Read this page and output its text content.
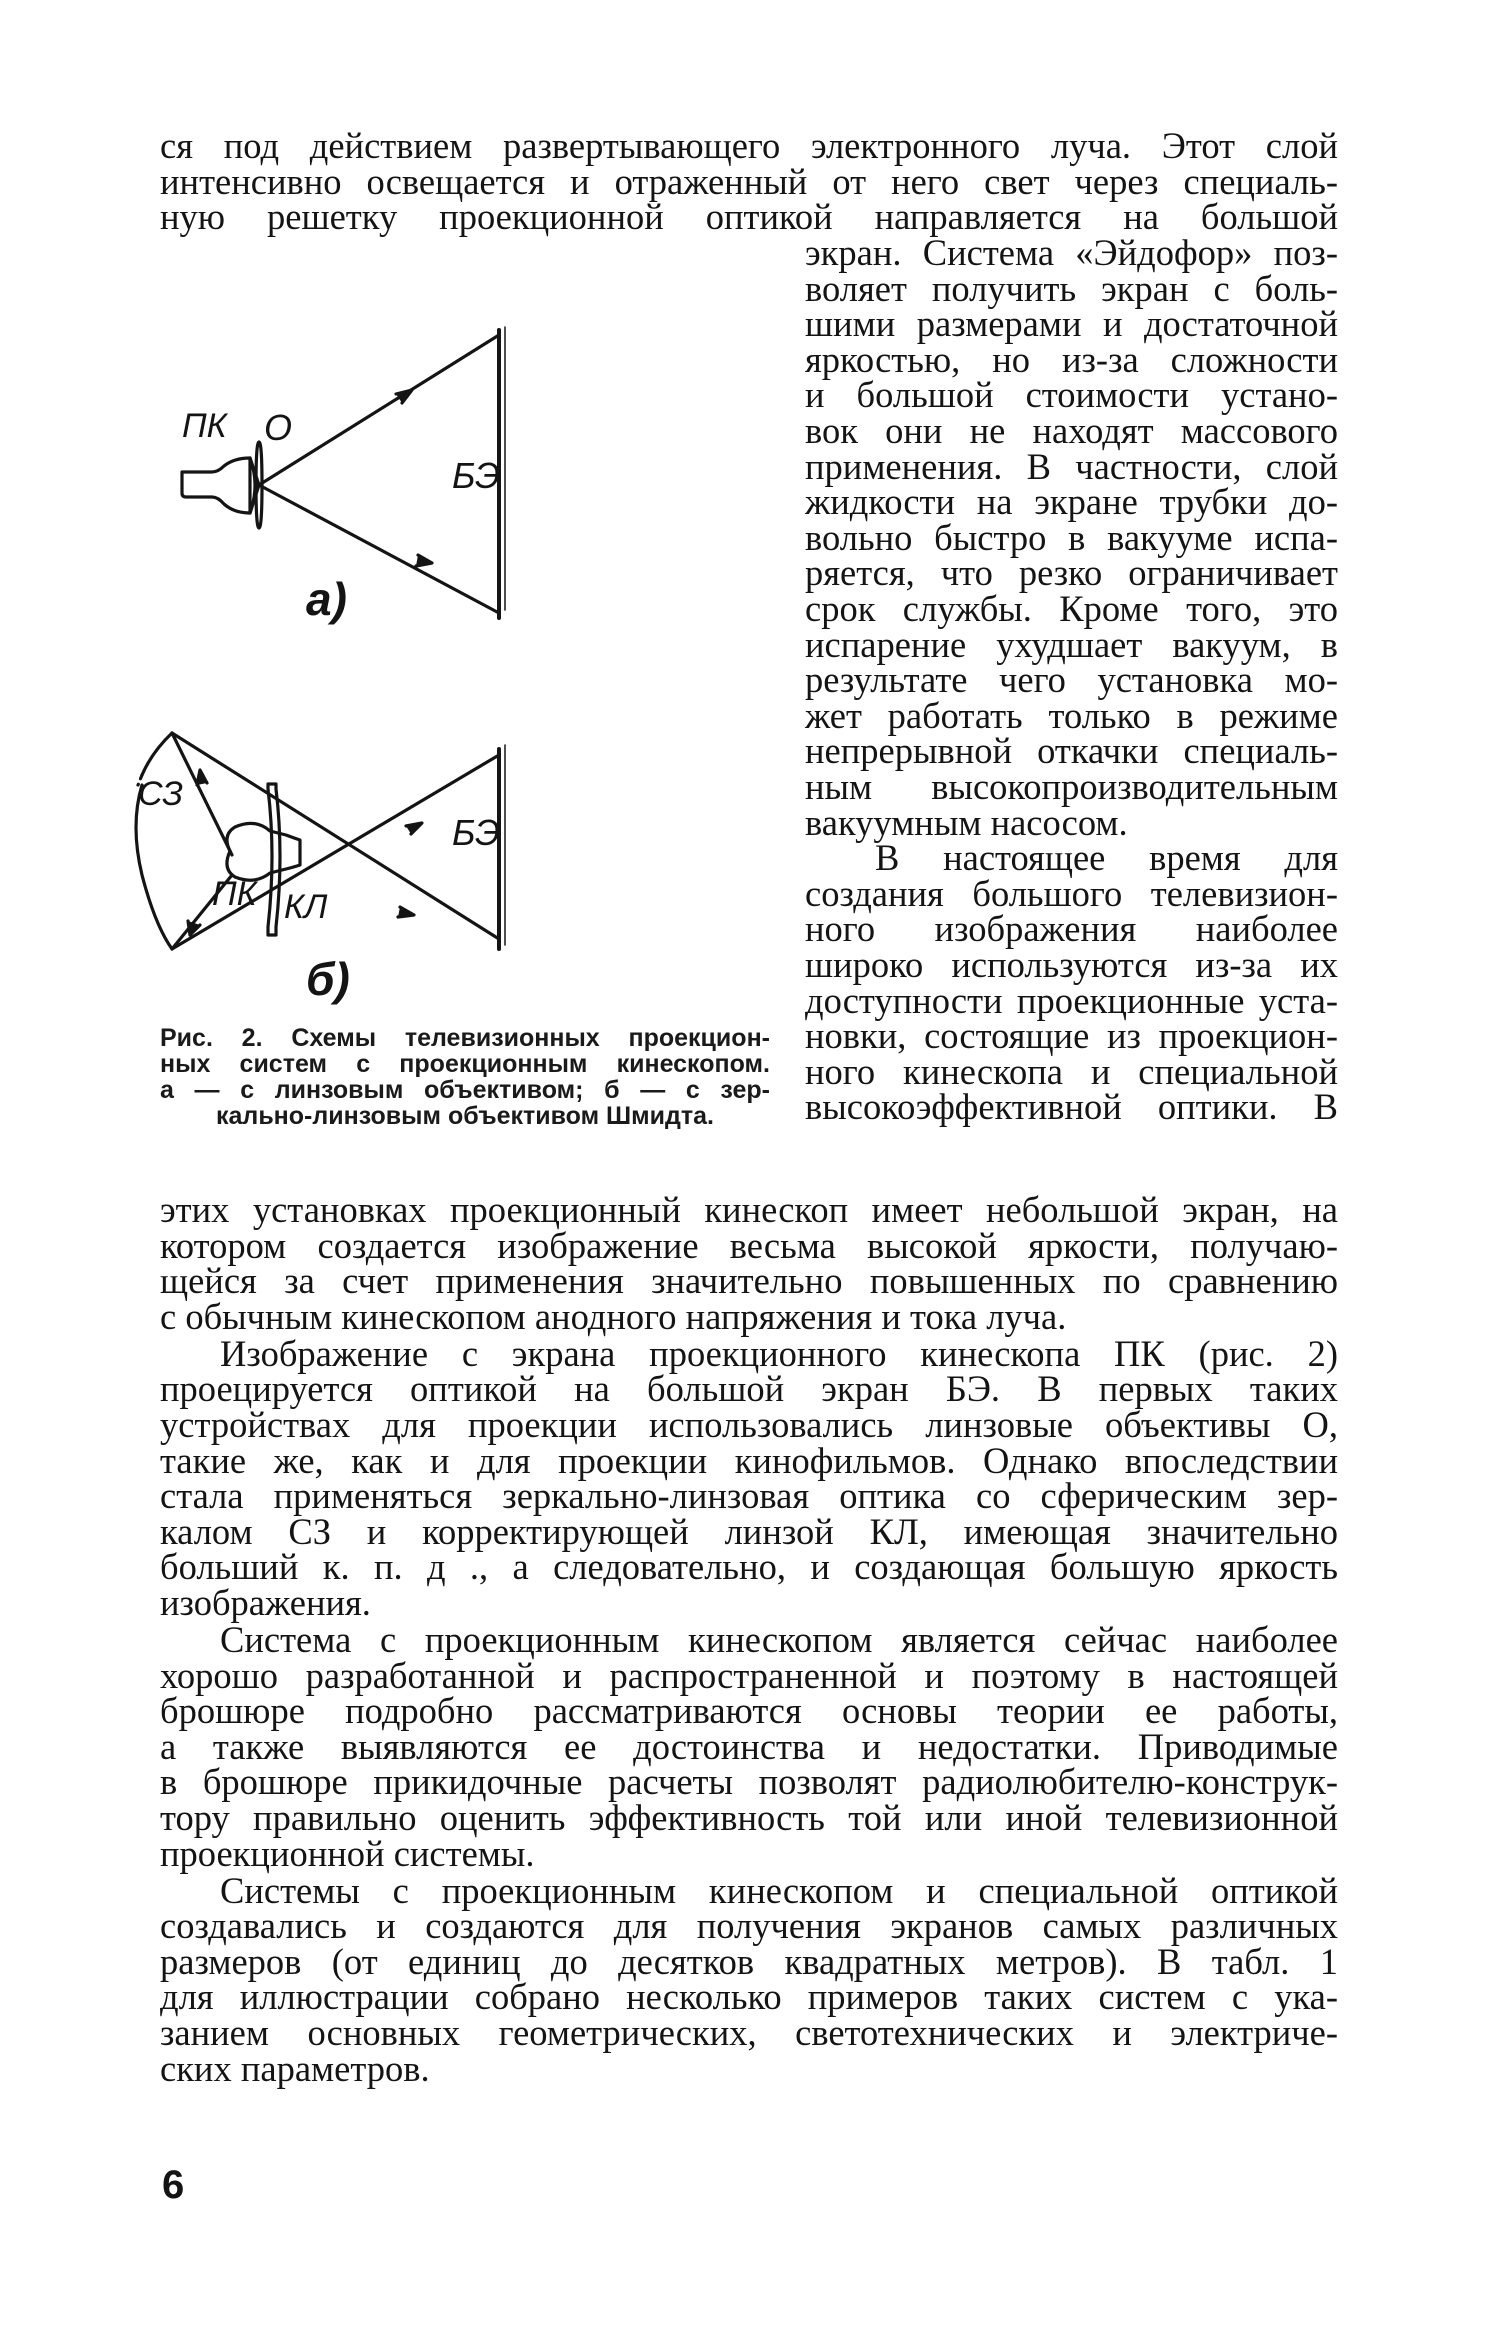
ся под действием развертывающего электронного луча. Этот слой
интенсивно освещается и отраженный от него свет через специаль-
ную решетку проекционной оптикой направляется на большой
экран. Система «Эйдофор» поз-
воляет получить экран с боль-
шими размерами и достаточной
яркостью, но из-за сложности
и большой стоимости устано-
вок они не находят массового
применения. В частности, слой
жидкости на экране трубки до-
вольно быстро в вакууме испа-
ряется, что резко ограничивает
срок службы. Кроме того, это
испарение ухудшает вакуум, в
результате чего установка мо-
жет работать только в режиме
непрерывной откачки специаль-
ным высокопроизводительным
вакуумным насосом.
В настоящее время для
создания большого телевизион-
ного изображения наиболее
широко используются из-за их
доступности проекционные уста-
новки, состоящие из проекцион-
ного кинескопа и специальной
высокоэффективной оптики. В
этих установках проекционный кинескоп имеет небольшой экран, на
котором создается изображение весьма высокой яркости, получаю-
щейся за счет применения значительно повышенных по сравнению
с обычным кинескопом анодного напряжения и тока луча.
Изображение с экрана проекционного кинескопа ПК (рис. 2)
проецируется оптикой на большой экран БЭ. В первых таких
устройствах для проекции использовались линзовые объективы О,
такие же, как и для проекции кинофильмов. Однако впоследствии
стала применяться зеркально-линзовая оптика со сферическим зер-
калом СЗ и корректирующей линзой КЛ, имеющая значительно
больший к. п. д ., а следовательно, и создающая большую яркость
изображения.
Система с проекционным кинескопом является сейчас наиболее
хорошо разработанной и распространенной и поэтому в настоящей
брошюре подробно рассматриваются основы теории ее работы,
а также выявляются ее достоинства и недостатки. Приводимые
в брошюре прикидочные расчеты позволят радиолюбителю-конструк-
тору правильно оценить эффективность той или иной телевизионной
проекционной системы.
Системы с проекционным кинескопом и специальной оптикой
создавались и создаются для получения экранов самых различных
размеров (от единиц до десятков квадратных метров). В табл. 1
для иллюстрации собрано несколько примеров таких систем с ука-
занием основных геометрических, светотехнических и электриче-
ских параметров.
ПК О
БЭ
а)
СЗ
ПК КЛ
БЭ
б)
Рис. 2. Схемы телевизионных проекцион-
ных систем с проекционным кинескопом.
а — с линзовым объективом; б — с зер-
кально-линзовым объективом Шмидта.
6
